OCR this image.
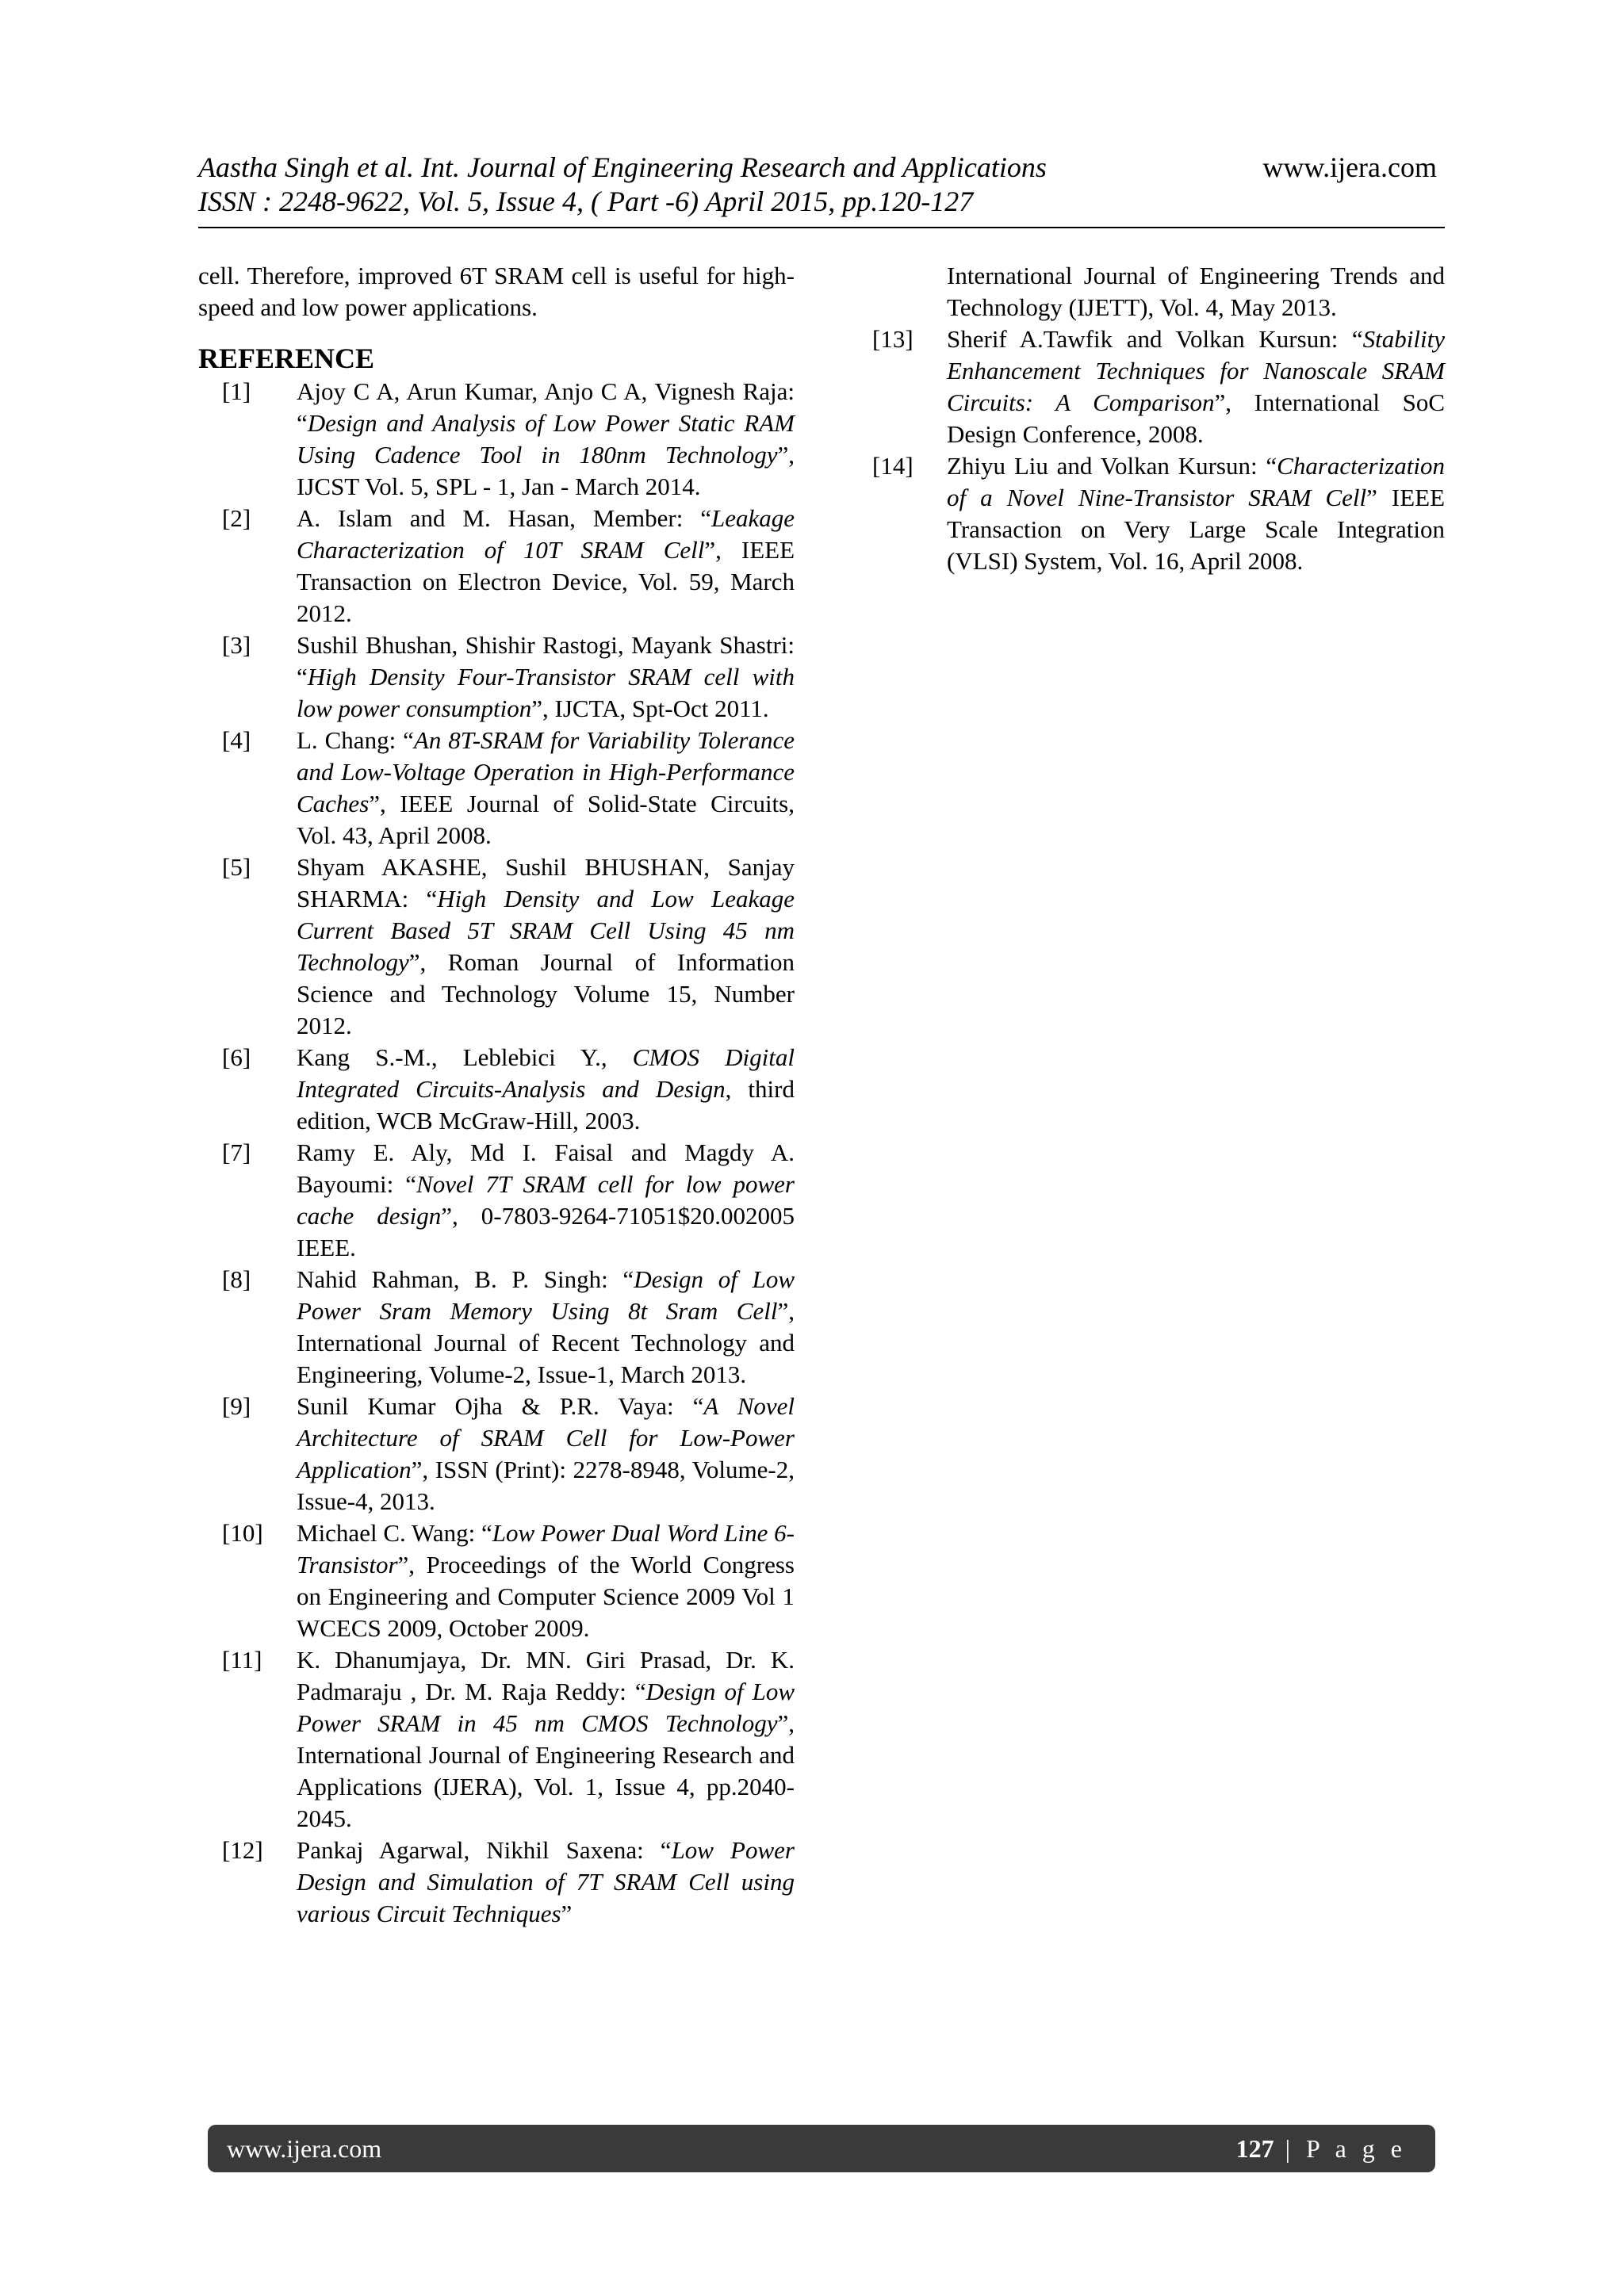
Aastha Singh et al. Int. Journal of Engineering Research and Applications	www.ijera.com
ISSN : 2248-9622, Vol. 5, Issue 4, ( Part -6) April 2015, pp.120-127

cell. Therefore, improved 6T SRAM cell is useful for high-speed and low power applications.

REFERENCE
[1]	Ajoy C A, Arun Kumar, Anjo C A, Vignesh Raja: “Design and Analysis of Low Power Static RAM Using Cadence Tool in 180nm Technology”, IJCST Vol. 5, SPL - 1, Jan - March 2014.
[2]	A. Islam and M. Hasan, Member: “Leakage Characterization of 10T SRAM Cell”, IEEE Transaction on Electron Device, Vol. 59, March 2012.
[3]	Sushil Bhushan, Shishir Rastogi, Mayank Shastri: “High Density Four-Transistor SRAM cell with low power consumption”, IJCTA, Spt-Oct 2011.
[4]	L. Chang: “An 8T-SRAM for Variability Tolerance and Low-Voltage Operation in High-Performance Caches”, IEEE Journal of Solid-State Circuits, Vol. 43, April 2008.
[5]	Shyam AKASHE, Sushil BHUSHAN, Sanjay SHARMA: “High Density and Low Leakage Current Based 5T SRAM Cell Using 45 nm Technology”, Roman Journal of Information Science and Technology Volume 15, Number 2012.
[6]	Kang S.-M., Leblebici Y., CMOS Digital Integrated Circuits-Analysis and Design, third edition, WCB McGraw-Hill, 2003.
[7]	Ramy E. Aly, Md I. Faisal and Magdy A. Bayoumi: “Novel 7T SRAM cell for low power cache design”, 0-7803-9264-71051$20.002005 IEEE.
[8]	Nahid Rahman, B. P. Singh: “Design of Low Power Sram Memory Using 8t Sram Cell”, International Journal of Recent Technology and Engineering, Volume-2, Issue-1, March 2013.
[9]	Sunil Kumar Ojha & P.R. Vaya: “A Novel Architecture of SRAM Cell for Low-Power Application”, ISSN (Print): 2278-8948, Volume-2, Issue-4, 2013.
[10]	Michael C. Wang: “Low Power Dual Word Line 6-Transistor”, Proceedings of the World Congress on Engineering and Computer Science 2009 Vol 1 WCECS 2009, October 2009.
[11]	K. Dhanumjaya, Dr. MN. Giri Prasad, Dr. K. Padmaraju , Dr. M. Raja Reddy: “Design of Low Power SRAM in 45 nm CMOS Technology”, International Journal of Engineering Research and Applications (IJERA), Vol. 1, Issue 4, pp.2040-2045.
[12]	Pankaj Agarwal, Nikhil Saxena: “Low Power Design and Simulation of 7T SRAM Cell using various Circuit Techniques”
International Journal of Engineering Trends and Technology (IJETT), Vol. 4, May 2013.
[13]	Sherif A.Tawfik and Volkan Kursun: “Stability Enhancement Techniques for Nanoscale SRAM Circuits: A Comparison”, International SoC Design Conference, 2008.
[14]	Zhiyu Liu and Volkan Kursun: “Characterization of a Novel Nine-Transistor SRAM Cell” IEEE Transaction on Very Large Scale Integration (VLSI) System, Vol. 16, April 2008.
www.ijera.com	127 | P a g e
